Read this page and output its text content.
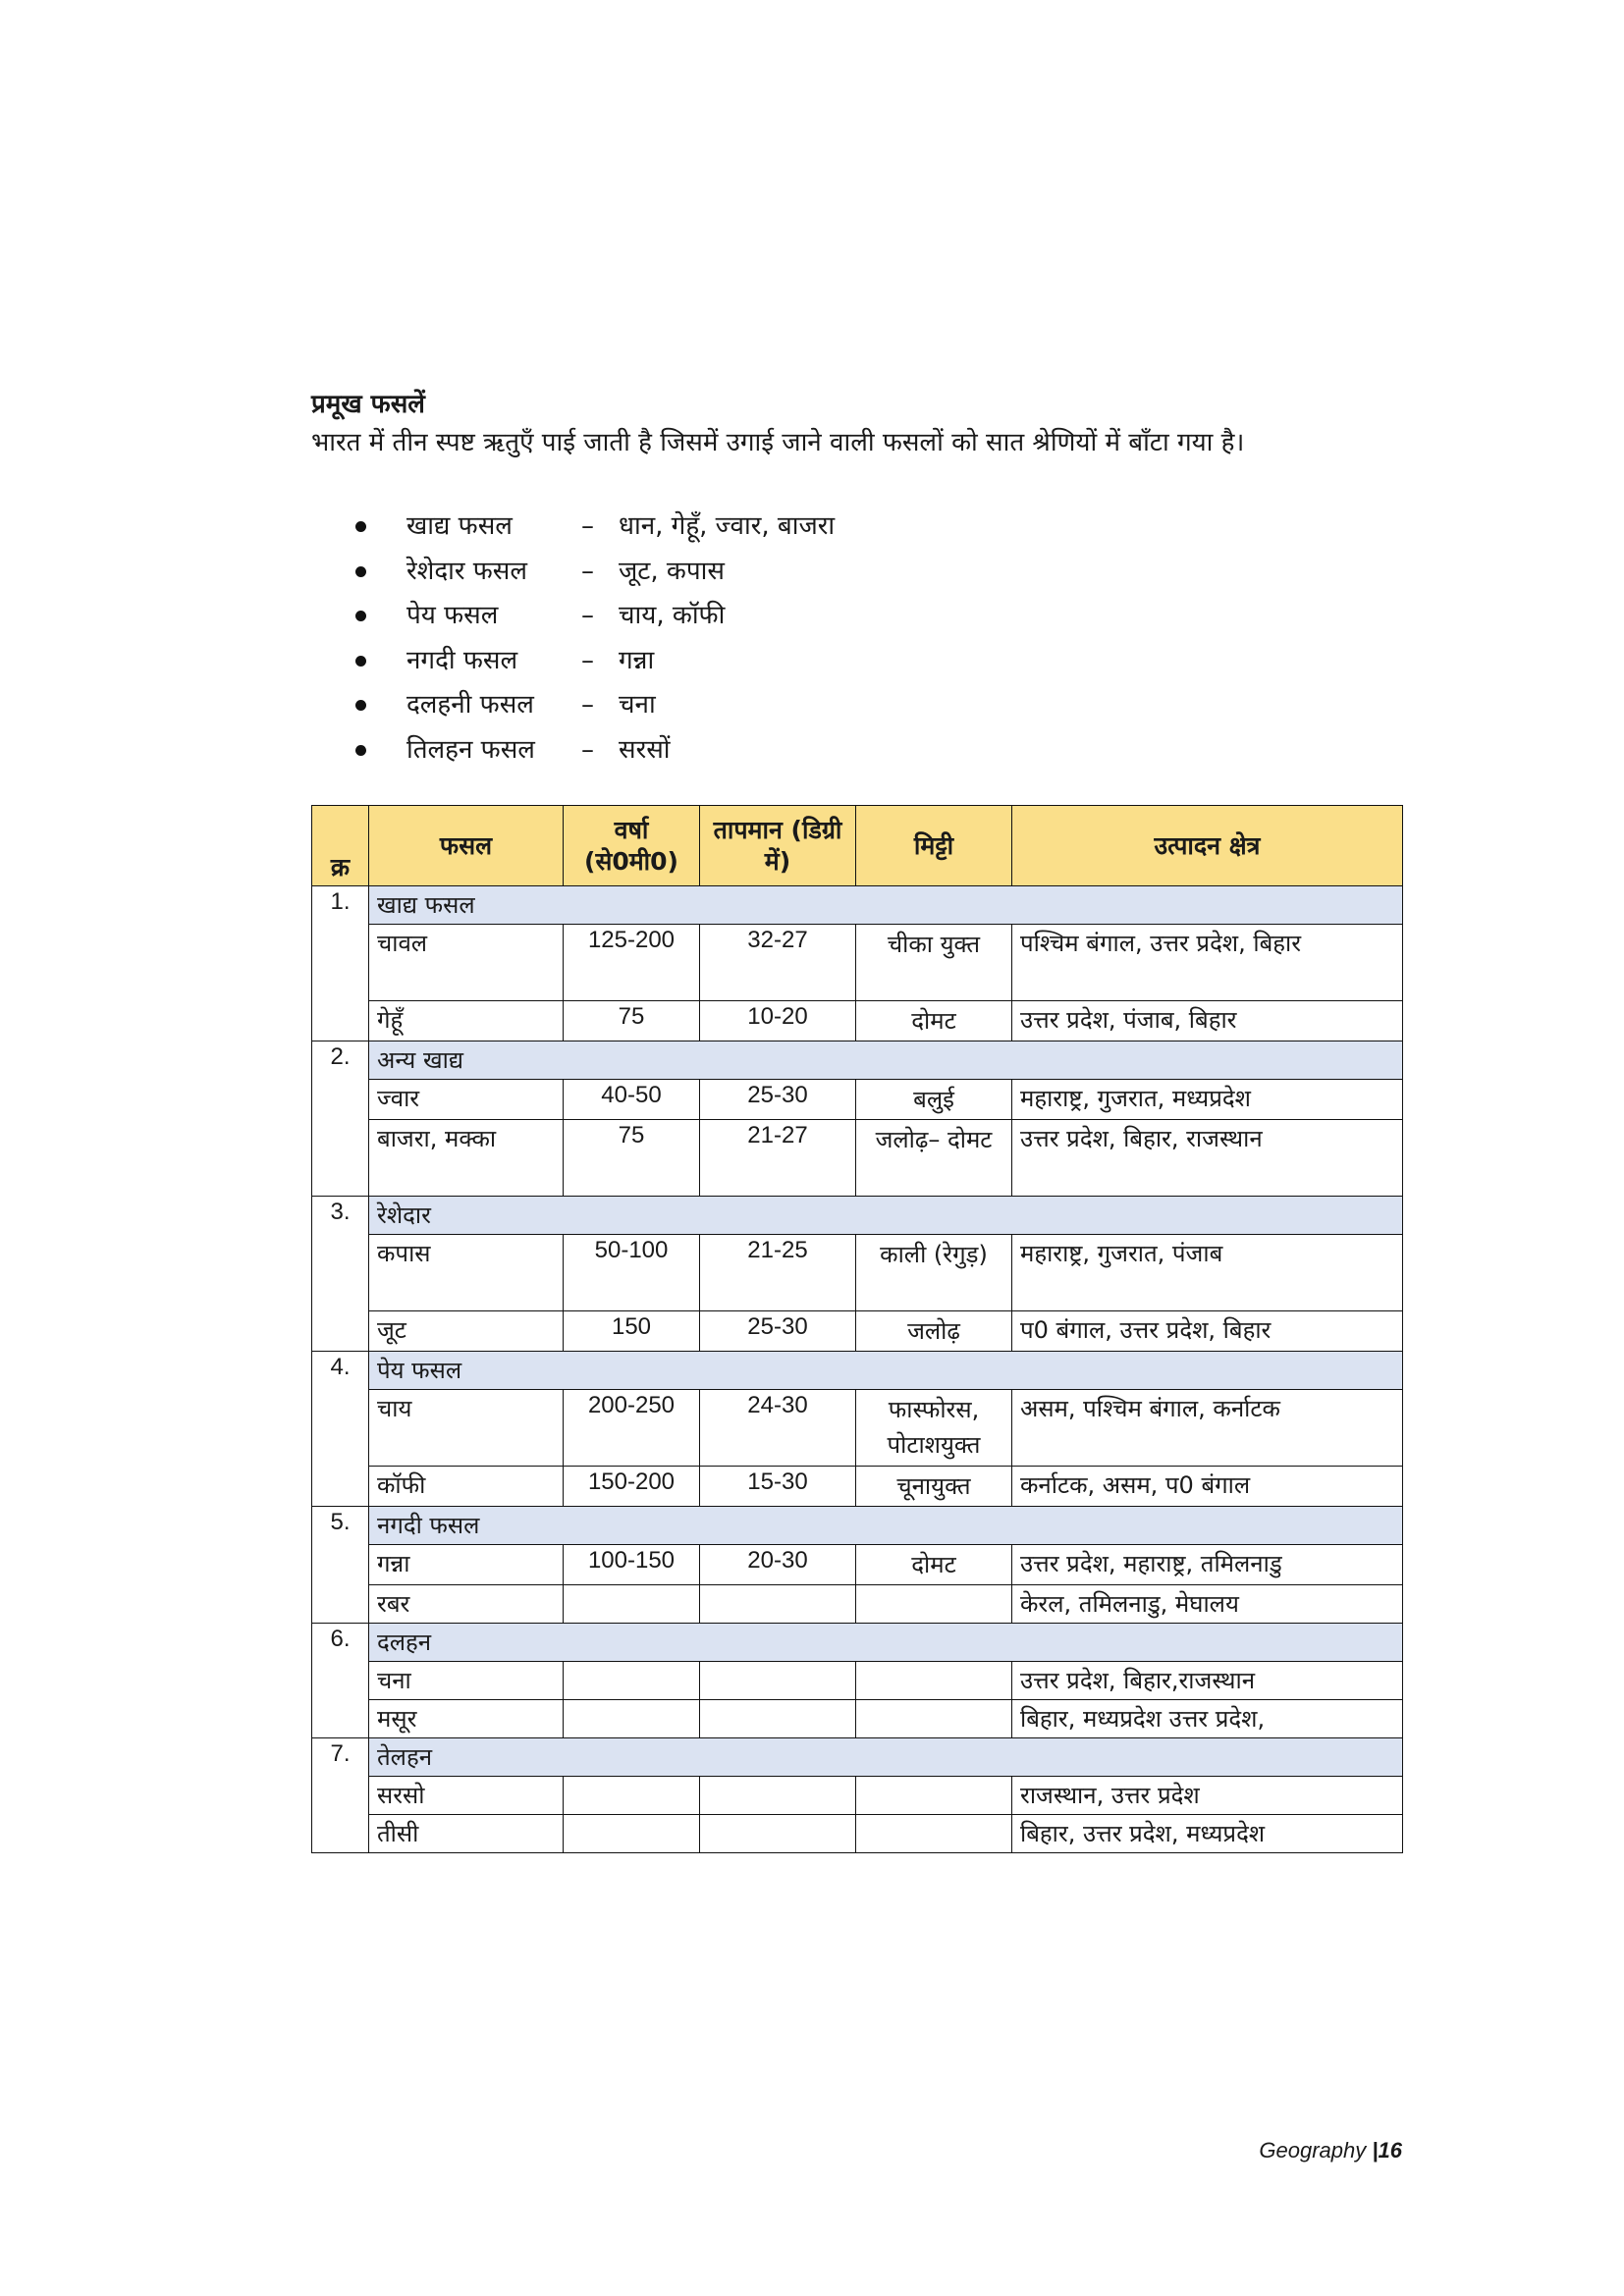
प्रमूख फसलें

भारत में तीन स्पष्ट ऋतुएँ पाई जाती है जिसमें उगाई जाने वाली फसलों को सात श्रेणियों में बाँटा गया है।

खाद्य फसल	– धान, गेहूँ, ज्वार, बाजरा
रेशेदार फसल – जूट, कपास
पेय फसल	– चाय, कॉफी
नगदी फसल – गन्ना
दलहनी फसल – चना
तिलहन फसल – सरसों
क्र	फसल	वर्षा (से0मी0)	तापमान (डिग्री में)	मिट्टी	उत्पादन क्षेत्र
1.	खाद्य फसल				
	चावल	125-200	32-27	चीका युक्त	पश्चिम बंगाल, उत्तर प्रदेश, बिहार
	गेहूँ	75	10-20	दोमट	उत्तर प्रदेश, पंजाब, बिहार
2.	अन्य खाद्य				
	ज्वार	40-50	25-30	बलुई	महाराष्ट्र, गुजरात, मध्यप्रदेश
	बाजरा, मक्का	75	21-27	जलोढ़– दोमट	उत्तर प्रदेश, बिहार, राजस्थान
3.	रेशेदार				
	कपास	50-100	21-25	काली (रेगुड़)	महाराष्ट्र, गुजरात, पंजाब
	जूट	150	25-30	जलोढ़	प0 बंगाल, उत्तर प्रदेश, बिहार
4.	पेय फसल				
	चाय	200-250	24-30	फास्फोरस, पोटाशयुक्त	असम, पश्चिम बंगाल, कर्नाटक
	कॉफी	150-200	15-30	चूनायुक्त	कर्नाटक, असम, प0 बंगाल
5.	नगदी फसल				
	गन्ना	100-150	20-30	दोमट	उत्तर प्रदेश, महाराष्ट्र, तमिलनाडु
	रबर				केरल, तमिलनाडु, मेघालय
6.	दलहन				
	चना				उत्तर प्रदेश, बिहार,राजस्थान
	मसूर				बिहार, मध्यप्रदेश उत्तर प्रदेश,
7.	तेलहन				
	सरसो				राजस्थान, उत्तर प्रदेश
	तीसी				बिहार, उत्तर प्रदेश, मध्यप्रदेश
Geography |16
